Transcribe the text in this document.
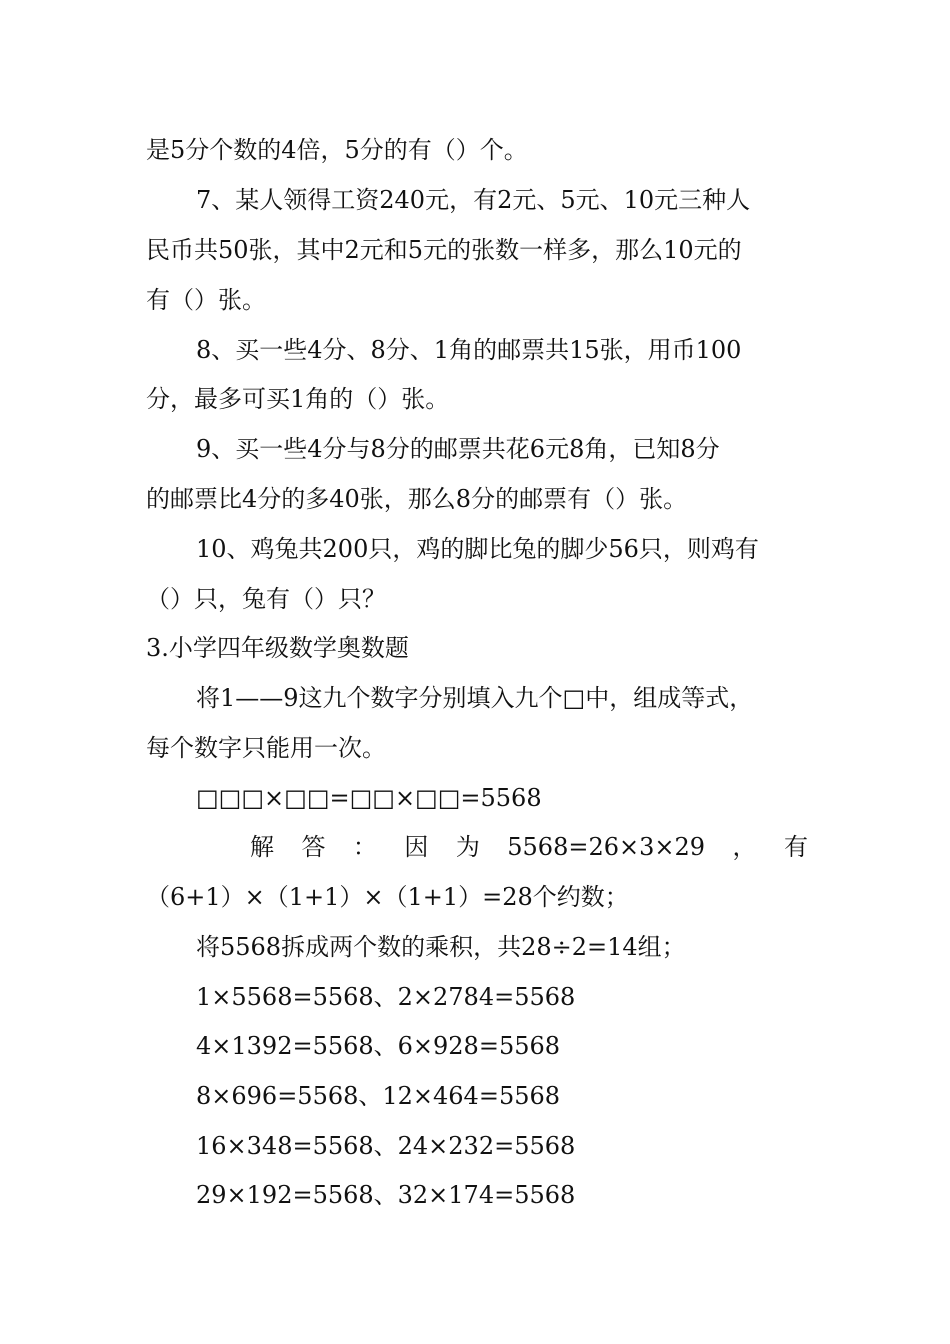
是5分个数的4倍，5分的有（）个。
7、某人领得工资240元，有2元、5元、10元三种人
民币共50张，其中2元和5元的张数一样多，那么10元的
有（）张。
8、买一些4分、8分、1角的邮票共15张，用币100
分，最多可买1角的（）张。
9、买一些4分与8分的邮票共花6元8角，已知8分
的邮票比4分的多40张，那么8分的邮票有（）张。
10、鸡兔共200只，鸡的脚比兔的脚少56只，则鸡有
（）只，兔有（）只？
3.小学四年级数学奥数题
将1——9这九个数字分别填入九个□中，组成等式，
每个数字只能用一次。
□□□×□□=□□×□□=5568
解 答 ： 因 为 5568=26×3×29 ， 有
（6+1）×（1+1）×（1+1）=28个约数；
将5568拆成两个数的乘积，共28÷2=14组；
1×5568=5568、2×2784=5568
4×1392=5568、6×928=5568
8×696=5568、12×464=5568
16×348=5568、24×232=5568
29×192=5568、32×174=5568
